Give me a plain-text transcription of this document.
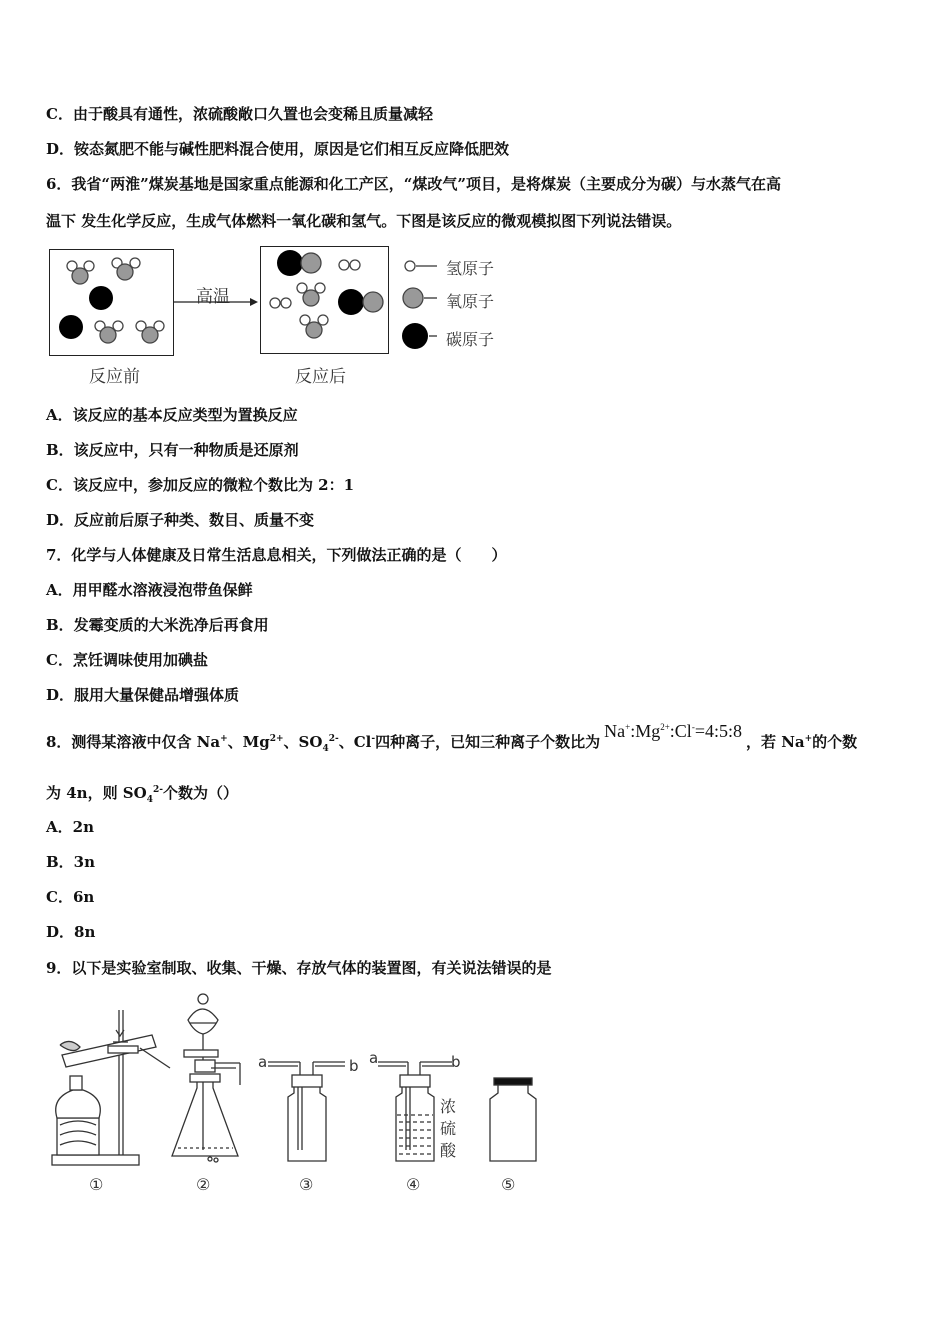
C．由于酸具有通性，浓硫酸敞口久置也会变稀且质量减轻
D．铵态氮肥不能与碱性肥料混合使用，原因是它们相互反应降低肥效
6．我省“两淮”煤炭基地是国家重点能源和化工产区，“煤改气”项目，是将煤炭（主要成分为碳）与水蒸气在高
温下 发生化学反应，生成气体燃料一氧化碳和氢气。下图是该反应的微观模拟图下列说法错误。
高温
反应前	反应后
氢原子
氧原子
碳原子
A．该反应的基本反应类型为置换反应
B．该反应中，只有一种物质是还原剂
C．该反应中，参加反应的微粒个数比为 2：1
D．反应前后原子种类、数目、质量不变
7．化学与人体健康及日常生活息息相关，下列做法正确的是（　　）
A．用甲醛水溶液浸泡带鱼保鲜
B．发霉变质的大米洗净后再食用
C．烹饪调味使用加碘盐
D．服用大量保健品增强体质
8．测得某溶液中仅含 Na+、$Mg^{2+}$、$SO_4^{2-}$、Cl-四种离子，已知三种离子个数比为$Na^+:Mg^{2+}:Cl^-=4:5:8$，若 Na+的个数
为 4n，则 $SO_4^{2-}$个数为（）
A．2n
B．3n
C．6n
D．8n
9．以下是实验室制取、收集、干燥、存放气体的装置图，有关说法错误的是
a	b a	b
浓
硫
酸
①	②	③	④	⑤
